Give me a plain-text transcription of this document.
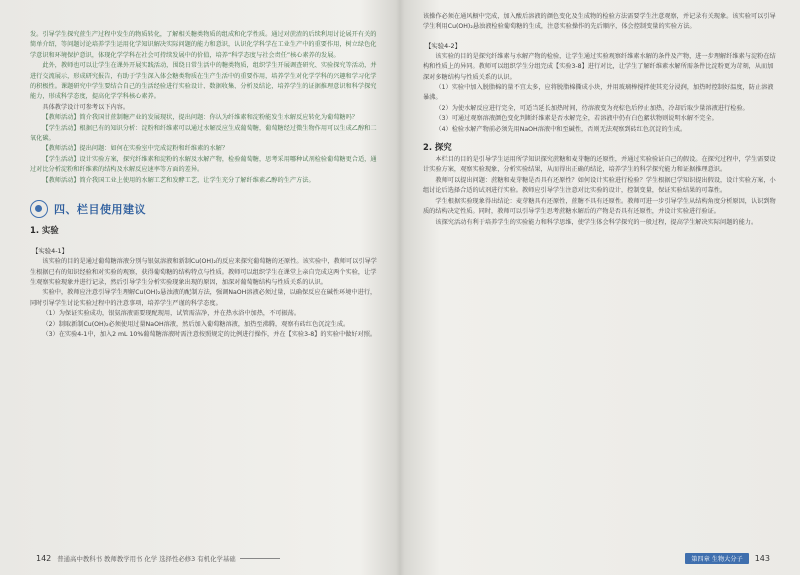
发。引导学生探究蔗生产过程中发生的物质转化，了解相关糖类物质的组成和化学性质。通过对蔗渣的后续利用讨论展开有关的简单介绍，等问题讨论培养学生运用化学知识解决实际问题的能力和意识，认识化学科学在工业生产中的重要作用，树立绿色化学意识和环境保护意识，体现化学学科在社会可持续发展中的价值，培养“科学态度与社会责任”核心素养的发展。

此外，教师也可以让学生在课外开展实践活动，围绕日常生活中的糖类物质，组织学生开展调查研究、实验探究等活动，并进行交流展示，形成研究报告，有助于学生深入体会糖类物质在生产生活中的重要作用，培养学生对化学学科的兴趣和学习化学的积极性。课题研究中学生要结合自己的生活经验进行实验设计、数据收集、分析及结论，培养学生的证据推理意识和科学探究能力，形成科学态度，提高化学学科核心素养。

具体教学设计可参考以下内容。

【教师活动】简介我国甘蔗制糖产业的发展现状，提出问题：你认为纤维素和淀粉能发生水解反应转化为葡萄糖吗？

【学生活动】根据已有的知识分析：淀粉和纤维素可以通过水解反应生成葡萄糖，葡萄糖经过微生物作用可以生成乙醇和二氧化碳。

【教师活动】提出问题：如何在实验室中完成淀粉和纤维素的水解？

【学生活动】设计实验方案，探究纤维素和淀粉的水解及水解产物，检验葡萄糖，思考采用哪种试剂检验葡萄糖更合适，通过对比分析淀粉和纤维素的结构及水解反应速率等方面的差异。

【教师活动】简介我国工业上使用的水解工艺和发酵工艺，让学生充分了解纤维素乙醇的生产方法。

四、栏目使用建议
1. 实验
【实验4-1】

该实验的目的是通过葡萄糖溶液分别与银氨溶液和新制Cu(OH)₂的反应来探究葡萄糖的还原性。该实验中，教师可以引导学生根据已有的知识经验和对实验的观察，获得葡萄糖的结构特点与性质。教师可以组织学生在课堂上亲自完成这两个实验，让学生观察实验现象并进行记录，然后引导学生分析实验现象出现的原因，加深对葡萄糖结构与性质关系的认识。

实验中，教师应注意引导学生理解Cu(OH)₂悬浊液的配制方法，强调NaOH溶液必须过量，以确保反应在碱性环境中进行，同时引导学生讨论实验过程中的注意事项，培养学生严谨的科学态度。

（1）为保证实验成功，银氨溶液需要现配现用，试管需洁净，并在热水浴中加热，不可振荡。

（2）制取新制Cu(OH)₂必须使用过量NaOH溶液，然后加入葡萄糖溶液，加热至沸腾，观察有砖红色沉淀生成。

（3）在实验4-1中，加入2 mL 10%葡萄糖溶液时需注意按照规定的比例进行操作，并在【实验3-8】的实验中做好对照。

142 普通高中教科书 教师教学用书 化学 选择性必修3 有机化学基础

该操作必须在通风橱中完成，加入酸后溶液的颜色变化及生成物的检验方法需要学生注意观察，并记录有关现象。该实验可以引导学生利用Cu(OH)₂悬浊液检验葡萄糖的生成，注意实验操作的先后顺序，体会控制变量的实验方法。

【实验4-2】

该实验的目的是探究纤维素与水解产物的检验，让学生通过实验观察纤维素水解的条件及产物，进一步理解纤维素与淀粉在结构和性质上的异同。教师可以组织学生分组完成【实验3-8】进行对比，让学生了解纤维素水解所需条件比淀粉更为苛刻，从而加深对多糖结构与性质关系的认识。

（1）实验中加入脱脂棉的量不宜太多，应将脱脂棉撕成小块，并用玻璃棒搅拌使其充分浸润，加热时控制好温度，防止溶液暴沸。

（2）为使水解反应进行完全，可适当延长加热时间，待溶液变为亮棕色后停止加热，冷却后取少量溶液进行检验。

（3）可通过观察溶液颜色变化判断纤维素是否水解完全，若溶液中仍有白色絮状物则说明水解不完全。

（4）检验水解产物前必须先用NaOH溶液中和至碱性，否则无法观察到砖红色沉淀的生成。

2. 探究

本栏目的目的是引导学生运用所学知识探究蔗糖和麦芽糖的还原性，并通过实验验证自己的假设。在探究过程中，学生需要设计实验方案，观察实验现象，分析实验结果，从而得出正确的结论，培养学生的科学探究能力和证据推理意识。

教师可以提出问题：蔗糖和麦芽糖是否具有还原性？如何设计实验进行检验？学生根据已学知识提出假设，设计实验方案，小组讨论后选择合适的试剂进行实验。教师应引导学生注意对比实验的设计，控制变量，保证实验结果的可靠性。

学生根据实验现象得出结论：麦芽糖具有还原性，蔗糖不具有还原性。教师可进一步引导学生从结构角度分析原因，认识到物质的结构决定性质。同时，教师可以引导学生思考蔗糖水解后的产物是否具有还原性，并设计实验进行验证。

该探究活动有利于培养学生的实验能力和科学思维，使学生体会科学探究的一般过程，提高学生解决实际问题的能力。

第四章 生物大分子	143
